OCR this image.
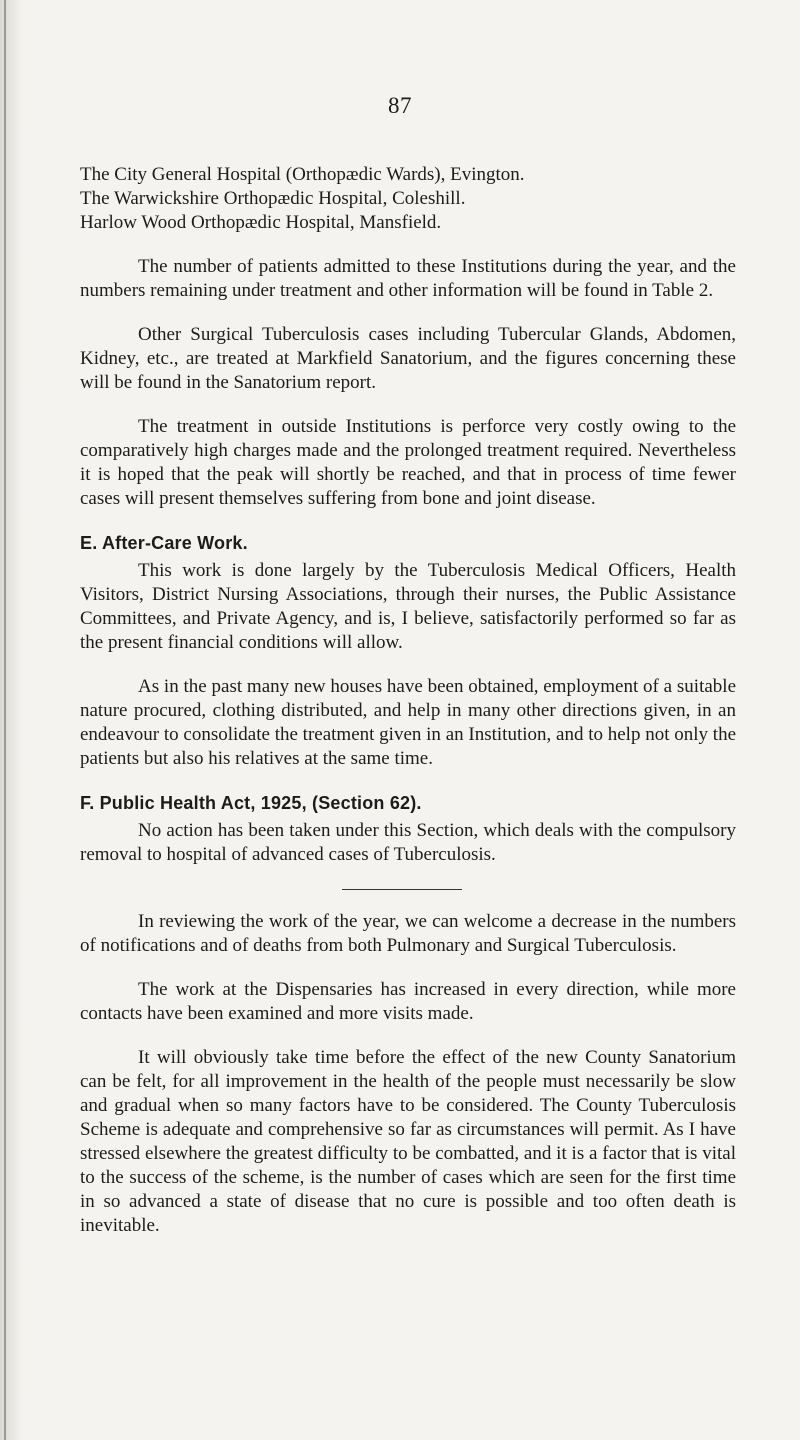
87

The City General Hospital (Orthopædic Wards), Evington.

The Warwickshire Orthopædic Hospital, Coleshill.

Harlow Wood Orthopædic Hospital, Mansfield.

The number of patients admitted to these Institutions during the year, and the numbers remaining under treatment and other information will be found in Table 2.

Other Surgical Tuberculosis cases including Tubercular Glands, Abdomen, Kidney, etc., are treated at Markfield Sanatorium, and the figures concerning these will be found in the Sanatorium report.

The treatment in outside Institutions is perforce very costly owing to the comparatively high charges made and the prolonged treatment required. Nevertheless it is hoped that the peak will shortly be reached, and that in process of time fewer cases will present themselves suffering from bone and joint disease.

E. After-Care Work.

This work is done largely by the Tuberculosis Medical Officers, Health Visitors, District Nursing Associations, through their nurses, the Public Assistance Committees, and Private Agency, and is, I believe, satisfactorily performed so far as the present financial conditions will allow.

As in the past many new houses have been obtained, employment of a suitable nature procured, clothing distributed, and help in many other directions given, in an endeavour to consolidate the treatment given in an Institution, and to help not only the patients but also his relatives at the same time.

F. Public Health Act, 1925, (Section 62).

No action has been taken under this Section, which deals with the compulsory removal to hospital of advanced cases of Tuberculosis.

In reviewing the work of the year, we can welcome a decrease in the numbers of notifications and of deaths from both Pulmonary and Surgical Tuberculosis.

The work at the Dispensaries has increased in every direction, while more contacts have been examined and more visits made.

It will obviously take time before the effect of the new County Sanatorium can be felt, for all improvement in the health of the people must necessarily be slow and gradual when so many factors have to be considered. The County Tuberculosis Scheme is adequate and comprehensive so far as circumstances will permit. As I have stressed elsewhere the greatest difficulty to be combatted, and it is a factor that is vital to the success of the scheme, is the number of cases which are seen for the first time in so advanced a state of disease that no cure is possible and too often death is inevitable.
